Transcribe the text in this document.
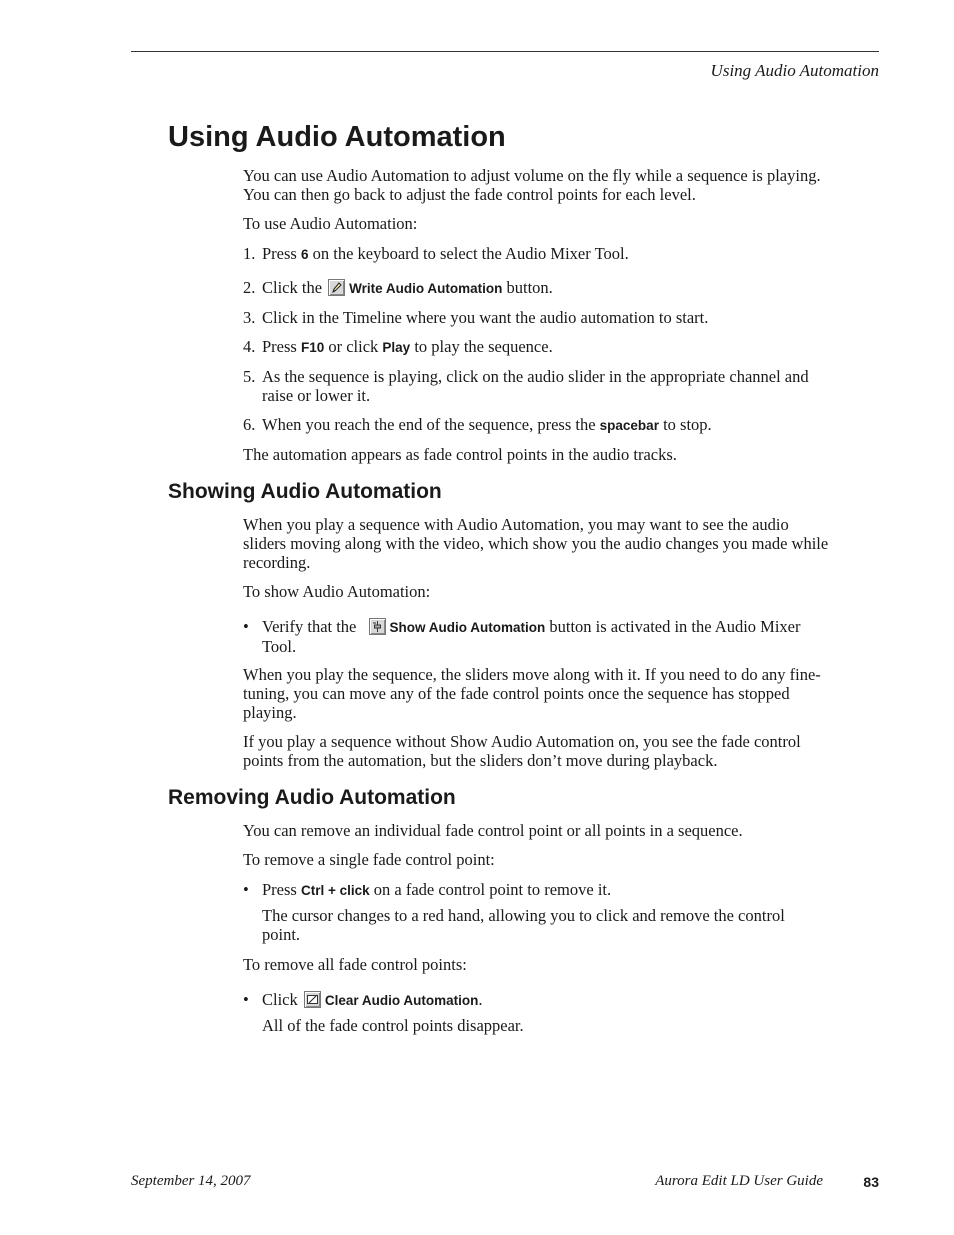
Using Audio Automation
Using Audio Automation

You can use Audio Automation to adjust volume on the fly while a sequence is playing. You can then go back to adjust the fade control points for each level.

To use Audio Automation:

1. Press 6 on the keyboard to select the Audio Mixer Tool.
2. Click the
Write Audio Automation button.
3. Click in the Timeline where you want the audio automation to start.
4. Press F10 or click Play to play the sequence.
5. As the sequence is playing, click on the audio slider in the appropriate channel and raise or lower it.
6. When you reach the end of the sequence, press the spacebar to stop.

The automation appears as fade control points in the audio tracks.

Showing Audio Automation

When you play a sequence with Audio Automation, you may want to see the audio sliders moving along with the video, which show you the audio changes you made while recording.

To show Audio Automation:

• Verify that the
Show Audio Automation button is activated in the Audio Mixer Tool.

When you play the sequence, the sliders move along with it. If you need to do any fine-tuning, you can move any of the fade control points once the sequence has stopped playing.

If you play a sequence without Show Audio Automation on, you see the fade control points from the automation, but the sliders don’t move during playback.

Removing Audio Automation

You can remove an individual fade control point or all points in a sequence.

To remove a single fade control point:

• Press Ctrl + click on a fade control point to remove it.
The cursor changes to a red hand, allowing you to click and remove the control point.

To remove all fade control points:

• Click
Clear Audio Automation.
All of the fade control points disappear.
September 14, 2007	Aurora Edit LD User Guide	83
